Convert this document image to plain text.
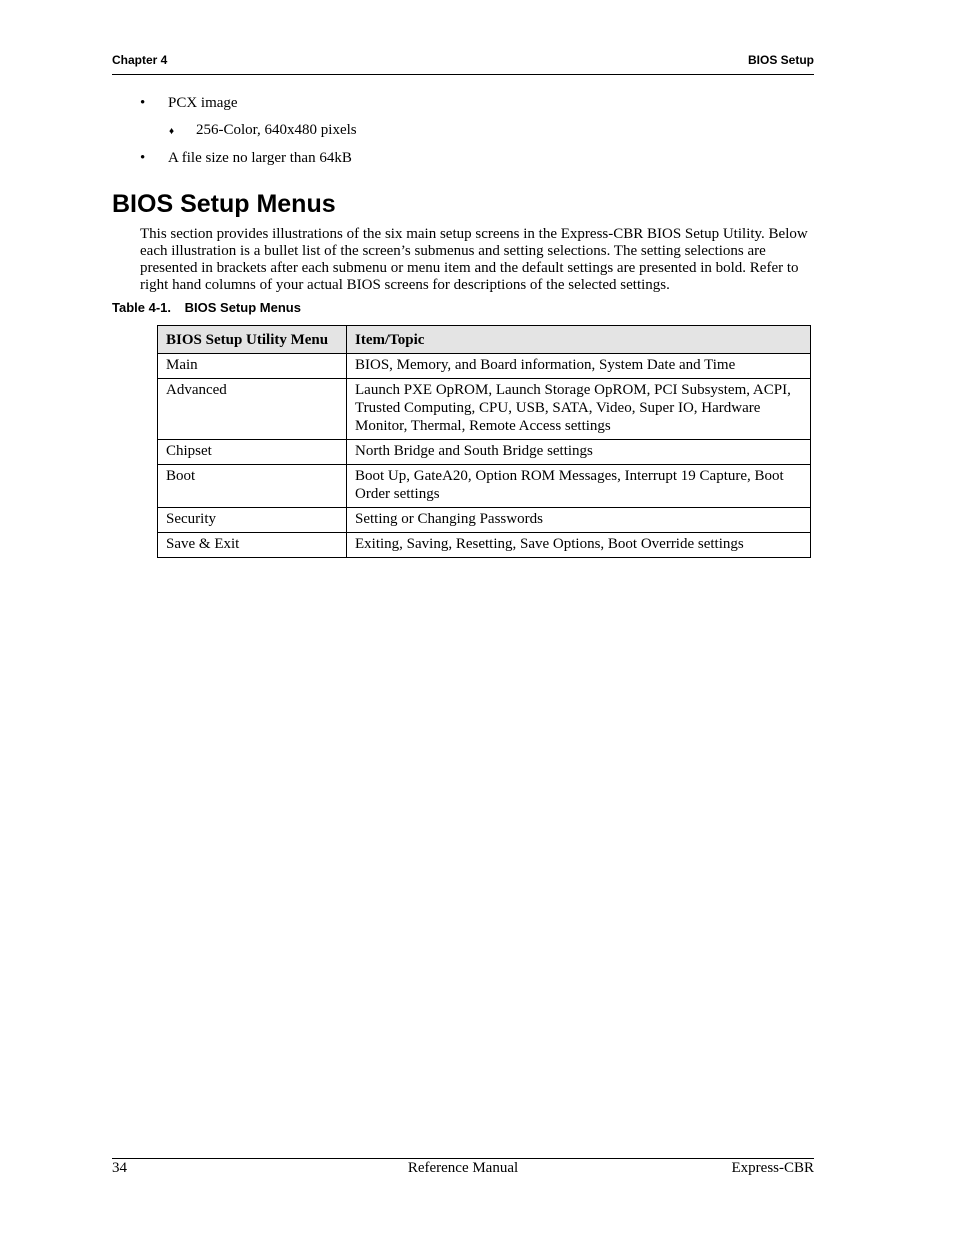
Chapter 4	BIOS Setup
• PCX image
♦ 256-Color, 640x480 pixels
• A file size no larger than 64kB
BIOS Setup Menus

This section provides illustrations of the six main setup screens in the Express-CBR BIOS Setup Utility. Below each illustration is a bullet list of the screen’s submenus and setting selections. The setting selections are presented in brackets after each submenu or menu item and the default settings are presented in bold. Refer to right hand columns of your actual BIOS screens for descriptions of the selected settings.

Table 4-1. BIOS Setup Menus
BIOS Setup Utility Menu	Item/Topic
Main	BIOS, Memory, and Board information, System Date and Time
Advanced	Launch PXE OpROM, Launch Storage OpROM, PCI Subsystem, ACPI, Trusted Computing, CPU, USB, SATA, Video, Super IO, Hardware Monitor, Thermal, Remote Access settings
Chipset	North Bridge and South Bridge settings
Boot	Boot Up, GateA20, Option ROM Messages, Interrupt 19 Capture, Boot Order settings
Security	Setting or Changing Passwords
Save & Exit	Exiting, Saving, Resetting, Save Options, Boot Override settings
34	Reference Manual	Express-CBR
